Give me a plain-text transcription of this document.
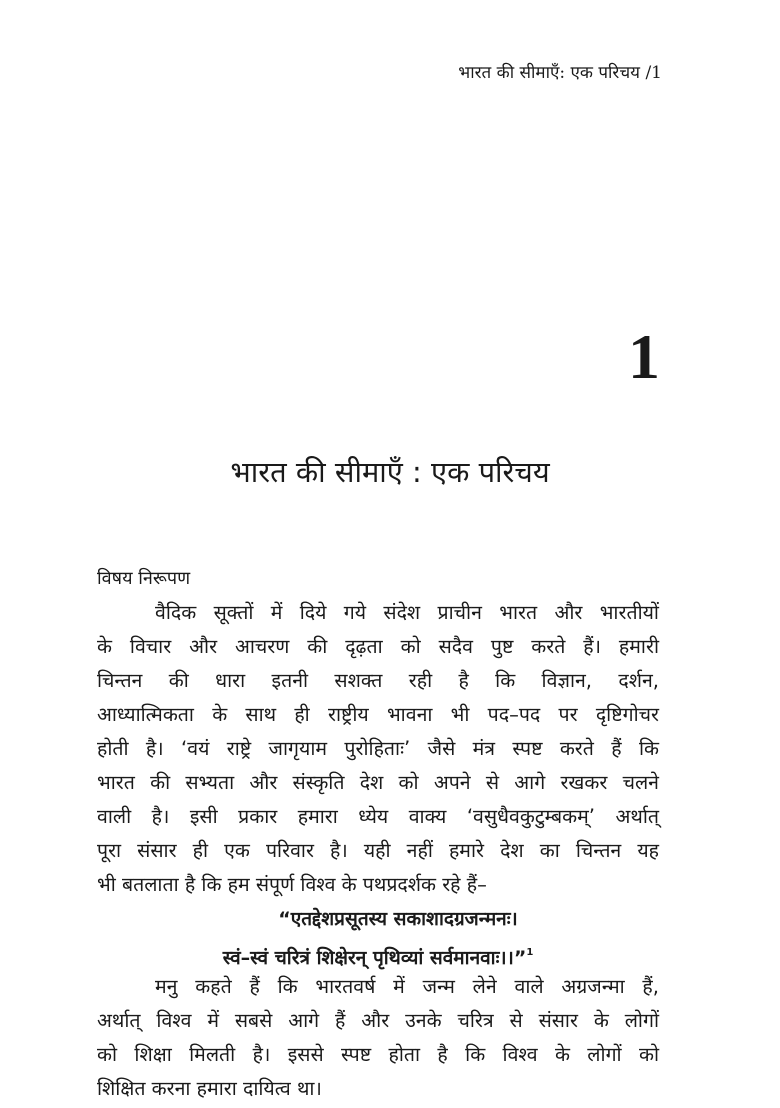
भारत की सीमाएँ: एक परिचय /1
1
भारत की सीमाएँ : एक परिचय
विषय निरूपण
वैदिक सूक्तों में दिये गये संदेश प्राचीन भारत और भारतीयों
के विचार और आचरण की दृढ़ता को सदैव पुष्ट करते हैं। हमारी
चिन्तन की धारा इतनी सशक्त रही है कि विज्ञान, दर्शन,
आध्यात्मिकता के साथ ही राष्ट्रीय भावना भी पद–पद पर दृष्टिगोचर
होती है। ‘वयं राष्ट्रे जागृयाम पुरोहिताः’ जैसे मंत्र स्पष्ट करते हैं कि
भारत की सभ्यता और संस्कृति देश को अपने से आगे रखकर चलने
वाली है। इसी प्रकार हमारा ध्येय वाक्य ‘वसुधैवकुटुम्बकम्’ अर्थात्
पूरा संसार ही एक परिवार है। यही नहीं हमारे देश का चिन्तन यह
भी बतलाता है कि हम संपूर्ण विश्व के पथप्रदर्शक रहे हैं–
“एतद्देशप्रसूतस्य सकाशादग्रजन्मनः।
स्वं–स्वं चरित्रं शिक्षेरन् पृथिव्यां सर्वमानवाः।।”$^1$
मनु कहते हैं कि भारतवर्ष में जन्म लेने वाले अग्रजन्मा हैं,
अर्थात् विश्व में सबसे आगे हैं और उनके चरित्र से संसार के लोगों
को शिक्षा मिलती है। इससे स्पष्ट होता है कि विश्व के लोगों को
शिक्षित करना हमारा दायित्व था।
